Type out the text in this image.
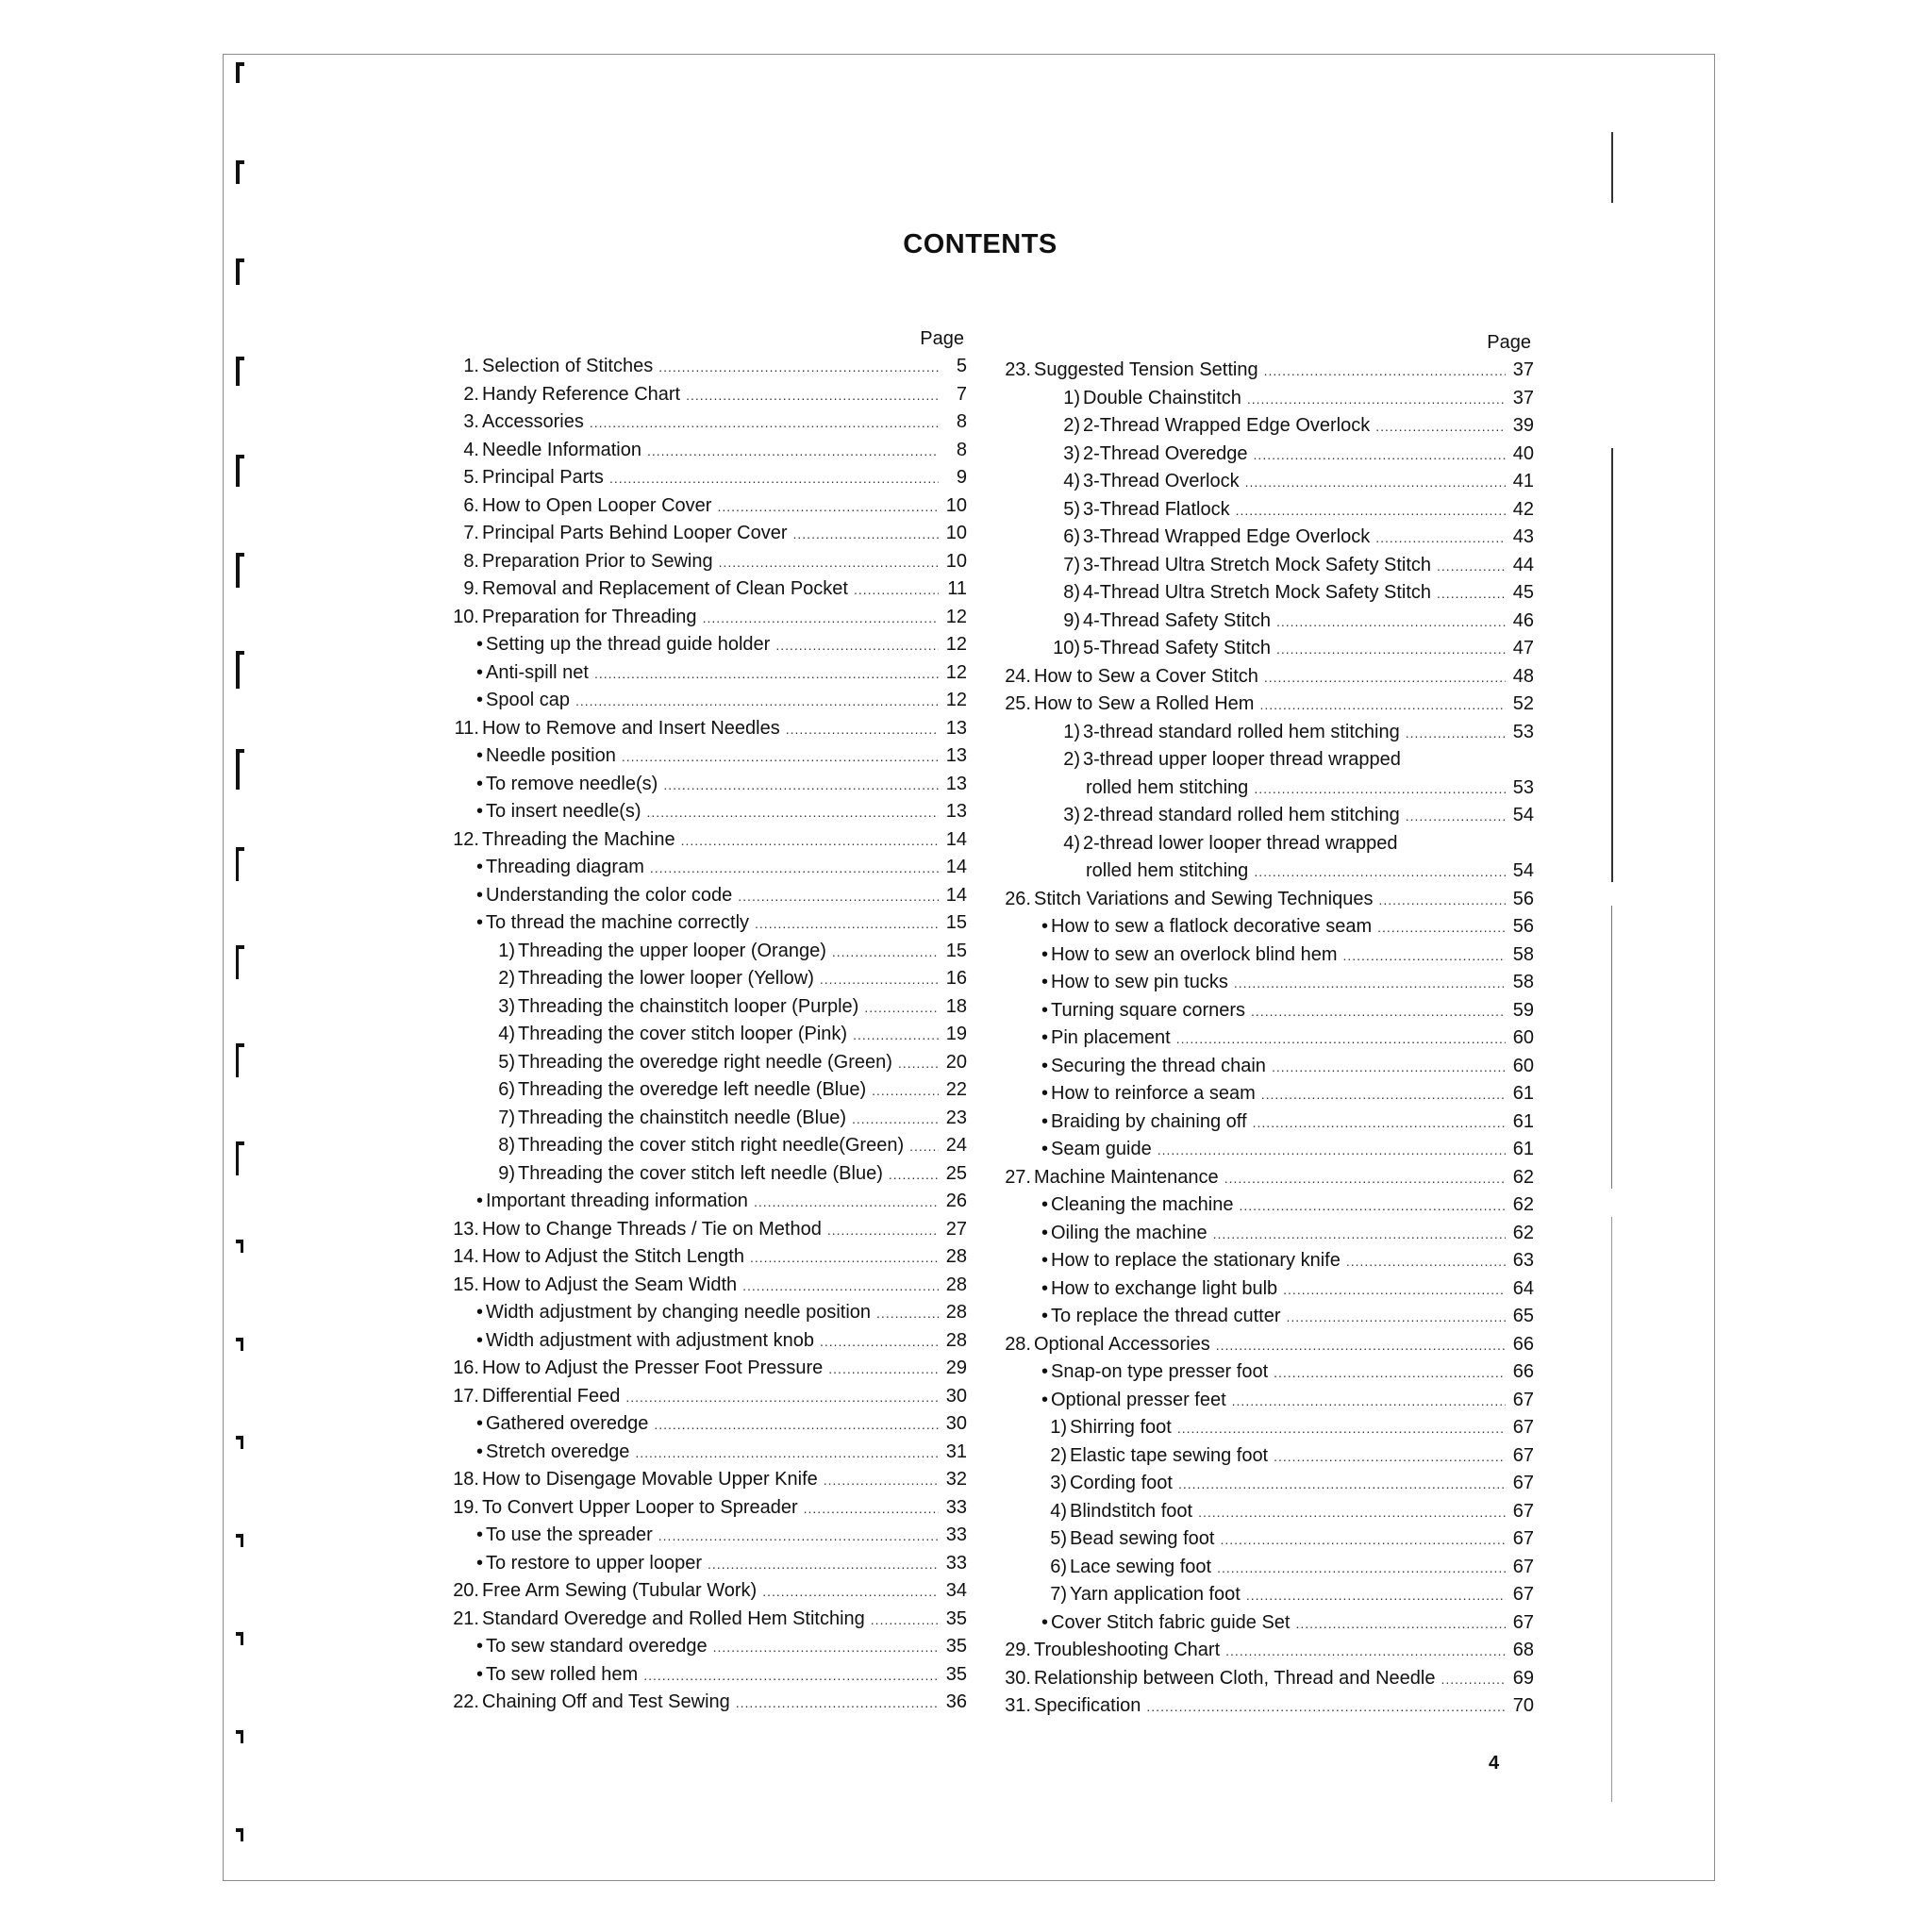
CONTENTS
Page
1. Selection of Stitches .....	5
2. Handy Reference Chart .....	7
3. Accessories .....	8
4. Needle Information .....	8
5. Principal Parts .....	9
6. How to Open Looper Cover .....	10
7. Principal Parts Behind Looper Cover .....	10
8. Preparation Prior to Sewing .....	10
9. Removal and Replacement of Clean Pocket .....	11
10. Preparation for Threading .....	12
• Setting up the thread guide holder .....	12
• Anti-spill net .....	12
• Spool cap .....	12
11. How to Remove and Insert Needles .....	13
• Needle position .....	13
• To remove needle(s) .....	13
• To insert needle(s) .....	13
12. Threading the Machine .....	14
• Threading diagram .....	14
• Understanding the color code .....	14
• To thread the machine correctly .....	15
1) Threading the upper looper (Orange) .....	15
2) Threading the lower looper (Yellow) .....	16
3) Threading the chainstitch looper (Purple) .....	18
4) Threading the cover stitch looper (Pink) .....	19
5) Threading the overedge right needle (Green) .....	20
6) Threading the overedge left needle (Blue) .....	22
7) Threading the chainstitch needle (Blue) .....	23
8) Threading the cover stitch right needle(Green) ..... 24
9) Threading the cover stitch left needle (Blue) .....	25
• Important threading information .....	26
13. How to Change Threads / Tie on Method .....	27
14. How to Adjust the Stitch Length .....	28
15. How to Adjust the Seam Width .....	28
• Width adjustment by changing needle position .....	28
• Width adjustment with adjustment knob .....	28
16. How to Adjust the Presser Foot Pressure .....	29
17. Differential Feed .....	30
• Gathered overedge .....	30
• Stretch overedge .....	31
18. How to Disengage Movable Upper Knife .....	32
19. To Convert Upper Looper to Spreader .....	33
• To use the spreader .....	33
• To restore to upper looper .....	33
20. Free Arm Sewing (Tubular Work) .....	34
21. Standard Overedge and Rolled Hem Stitching .....	35
• To sew standard overedge .....	35
• To sew rolled hem .....	35
22. Chaining Off and Test Sewing .....	36
Page
23. Suggested Tension Setting .....	37
1) Double Chainstitch .....	37
2) 2-Thread Wrapped Edge Overlock .....	39
3) 2-Thread Overedge .....	40
4) 3-Thread Overlock .....	41
5) 3-Thread Flatlock .....	42
6) 3-Thread Wrapped Edge Overlock .....	43
7) 3-Thread Ultra Stretch Mock Safety Stitch .....	44
8) 4-Thread Ultra Stretch Mock Safety Stitch .....	45
9) 4-Thread Safety Stitch .....	46
10) 5-Thread Safety Stitch .....	47
24. How to Sew a Cover Stitch .....	48
25. How to Sew a Rolled Hem .....	52
1) 3-thread standard rolled hem stitching .....	53
2) 3-thread upper looper thread wrapped
rolled hem stitching .....	53
3) 2-thread standard rolled hem stitching .....	54
4) 2-thread lower looper thread wrapped
rolled hem stitching .....	54
26. Stitch Variations and Sewing Techniques .....	56
• How to sew a flatlock decorative seam .....	56
• How to sew an overlock blind hem .....	58
• How to sew pin tucks .....	58
• Turning square corners .....	59
• Pin placement .....	60
• Securing the thread chain .....	60
• How to reinforce a seam .....	61
• Braiding by chaining off .....	61
• Seam guide .....	61
27. Machine Maintenance .....	62
• Cleaning the machine .....	62
• Oiling the machine .....	62
• How to replace the stationary knife .....	63
• How to exchange light bulb .....	64
• To replace the thread cutter .....	65
28. Optional Accessories .....	66
• Snap-on type presser foot .....	66
• Optional presser feet .....	67
1) Shirring foot .....	67
2) Elastic tape sewing foot .....	67
3) Cording foot .....	67
4) Blindstitch foot .....	67
5) Bead sewing foot .....	67
6) Lace sewing foot .....	67
7) Yarn application foot .....	67
• Cover Stitch fabric guide Set .....	67
29. Troubleshooting Chart .....	68
30. Relationship between Cloth, Thread and Needle .....	69
31. Specification .....	70
4
